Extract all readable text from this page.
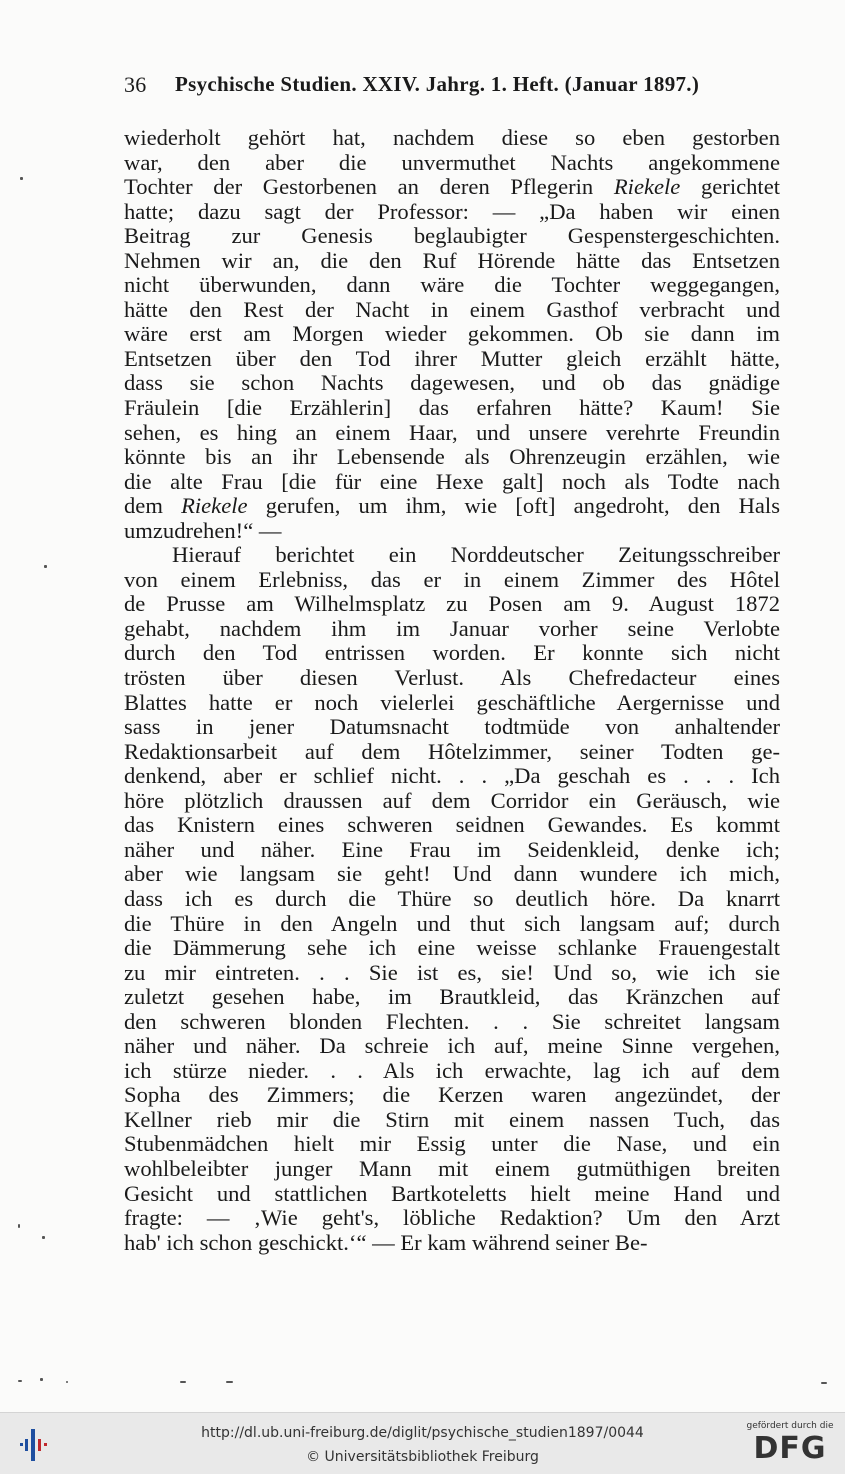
36 Psychische Studien. XXIV. Jahrg. 1. Heft. (Januar 1897.)
wiederholt gehört hat, nachdem diese so eben gestorben
war, den aber die unvermuthet Nachts angekommene
Tochter der Gestorbenen an deren Pflegerin Riekele gerichtet
hatte; dazu sagt der Professor: — „Da haben wir einen
Beitrag zur Genesis beglaubigter Gespenstergeschichten.
Nehmen wir an, die den Ruf Hörende hätte das Entsetzen
nicht überwunden, dann wäre die Tochter weggegangen,
hätte den Rest der Nacht in einem Gasthof verbracht und
wäre erst am Morgen wieder gekommen. Ob sie dann im
Entsetzen über den Tod ihrer Mutter gleich erzählt hätte,
dass sie schon Nachts dagewesen, und ob das gnädige
Fräulein [die Erzählerin] das erfahren hätte? Kaum! Sie
sehen, es hing an einem Haar, und unsere verehrte Freundin
könnte bis an ihr Lebensende als Ohrenzeugin erzählen, wie
die alte Frau [die für eine Hexe galt] noch als Todte nach
dem Riekele gerufen, um ihm, wie [oft] angedroht, den Hals
umzudrehen!“ —
Hierauf berichtet ein Norddeutscher Zeitungsschreiber
von einem Erlebniss, das er in einem Zimmer des Hôtel
de Prusse am Wilhelmsplatz zu Posen am 9. August 1872
gehabt, nachdem ihm im Januar vorher seine Verlobte
durch den Tod entrissen worden. Er konnte sich nicht
trösten über diesen Verlust. Als Chefredacteur eines
Blattes hatte er noch vielerlei geschäftliche Aergernisse und
sass in jener Datumsnacht todtmüde von anhaltender
Redaktionsarbeit auf dem Hôtelzimmer, seiner Todten ge-
denkend, aber er schlief nicht. . . „Da geschah es . . . Ich
höre plötzlich draussen auf dem Corridor ein Geräusch, wie
das Knistern eines schweren seidnen Gewandes. Es kommt
näher und näher. Eine Frau im Seidenkleid, denke ich;
aber wie langsam sie geht! Und dann wundere ich mich,
dass ich es durch die Thüre so deutlich höre. Da knarrt
die Thüre in den Angeln und thut sich langsam auf; durch
die Dämmerung sehe ich eine weisse schlanke Frauengestalt
zu mir eintreten. . . Sie ist es, sie! Und so, wie ich sie
zuletzt gesehen habe, im Brautkleid, das Kränzchen auf
den schweren blonden Flechten. . . Sie schreitet langsam
näher und näher. Da schreie ich auf, meine Sinne vergehen,
ich stürze nieder. . . Als ich erwachte, lag ich auf dem
Sopha des Zimmers; die Kerzen waren angezündet, der
Kellner rieb mir die Stirn mit einem nassen Tuch, das
Stubenmädchen hielt mir Essig unter die Nase, und ein
wohlbeleibter junger Mann mit einem gutmüthigen breiten
Gesicht und stattlichen Bartkoteletts hielt meine Hand und
fragte: — ‚Wie geht's, löbliche Redaktion? Um den Arzt
hab' ich schon geschickt.‘“ — Er kam während seiner Be-
http://dl.ub.uni-freiburg.de/diglit/psychische_studien1897/0044
© Universitätsbibliothek Freiburg
gefördert durch die
DFG
